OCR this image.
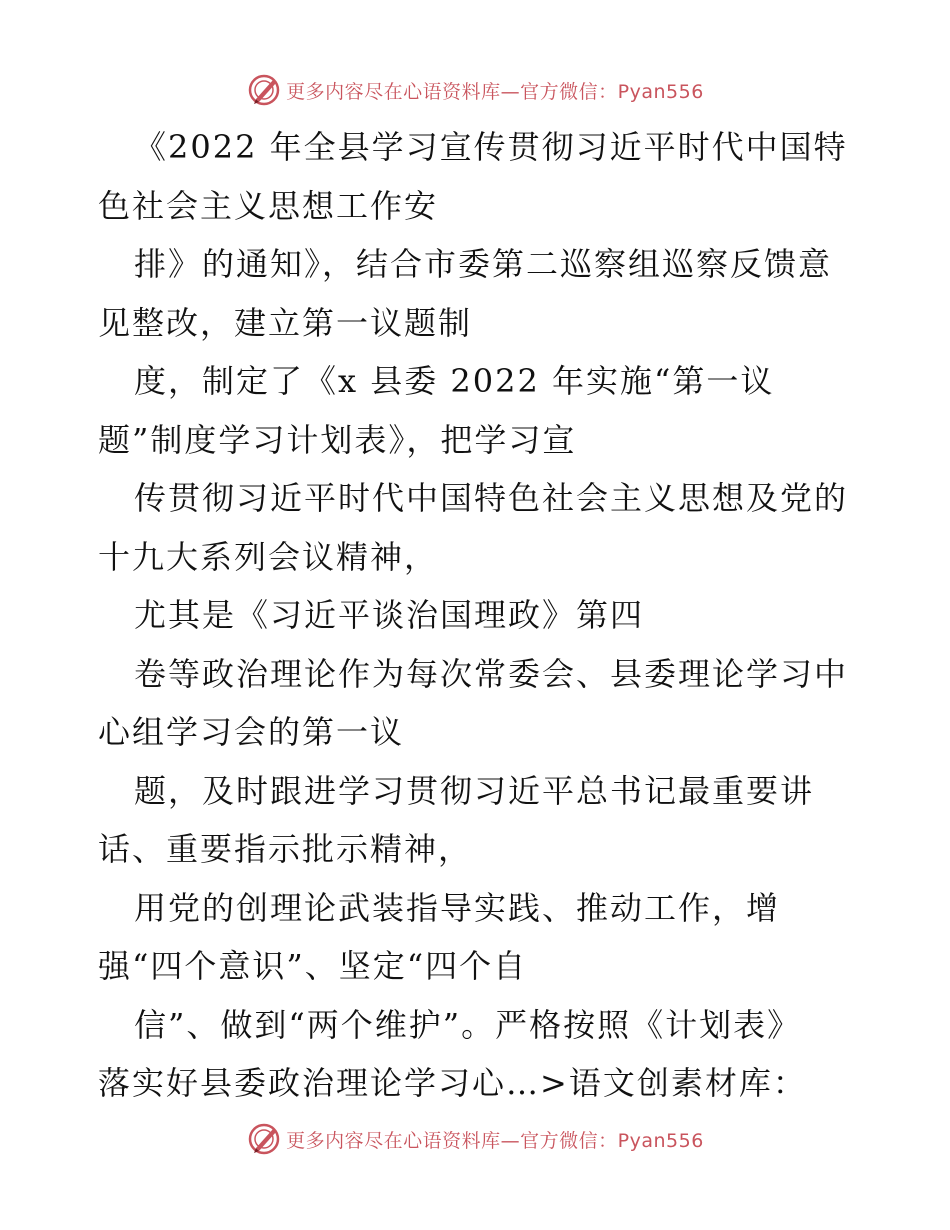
更多内容尽在心语资料库—官方微信：Pyan556
《2022 年全县学习宣传贯彻习近平时代中国特
色社会主义思想工作安
排》的通知》，结合市委第二巡察组巡察反馈意
见整改，建立第一议题制
度，制定了《x 县委 2022 年实施“第一议
题”制度学习计划表》，把学习宣
传贯彻习近平时代中国特色社会主义思想及党的
十九大系列会议精神，
尤其是《习近平谈治国理政》第四
卷等政治理论作为每次常委会、县委理论学习中
心组学习会的第一议
题，及时跟进学习贯彻习近平总书记最重要讲
话、重要指示批示精神，
用党的创理论武装指导实践、推动工作，增
强“四个意识”、坚定“四个自
信”、做到“两个维护”。严格按照《计划表》
落实好县委政治理论学习心…>语文创素材库：
更多内容尽在心语资料库—官方微信：Pyan556
